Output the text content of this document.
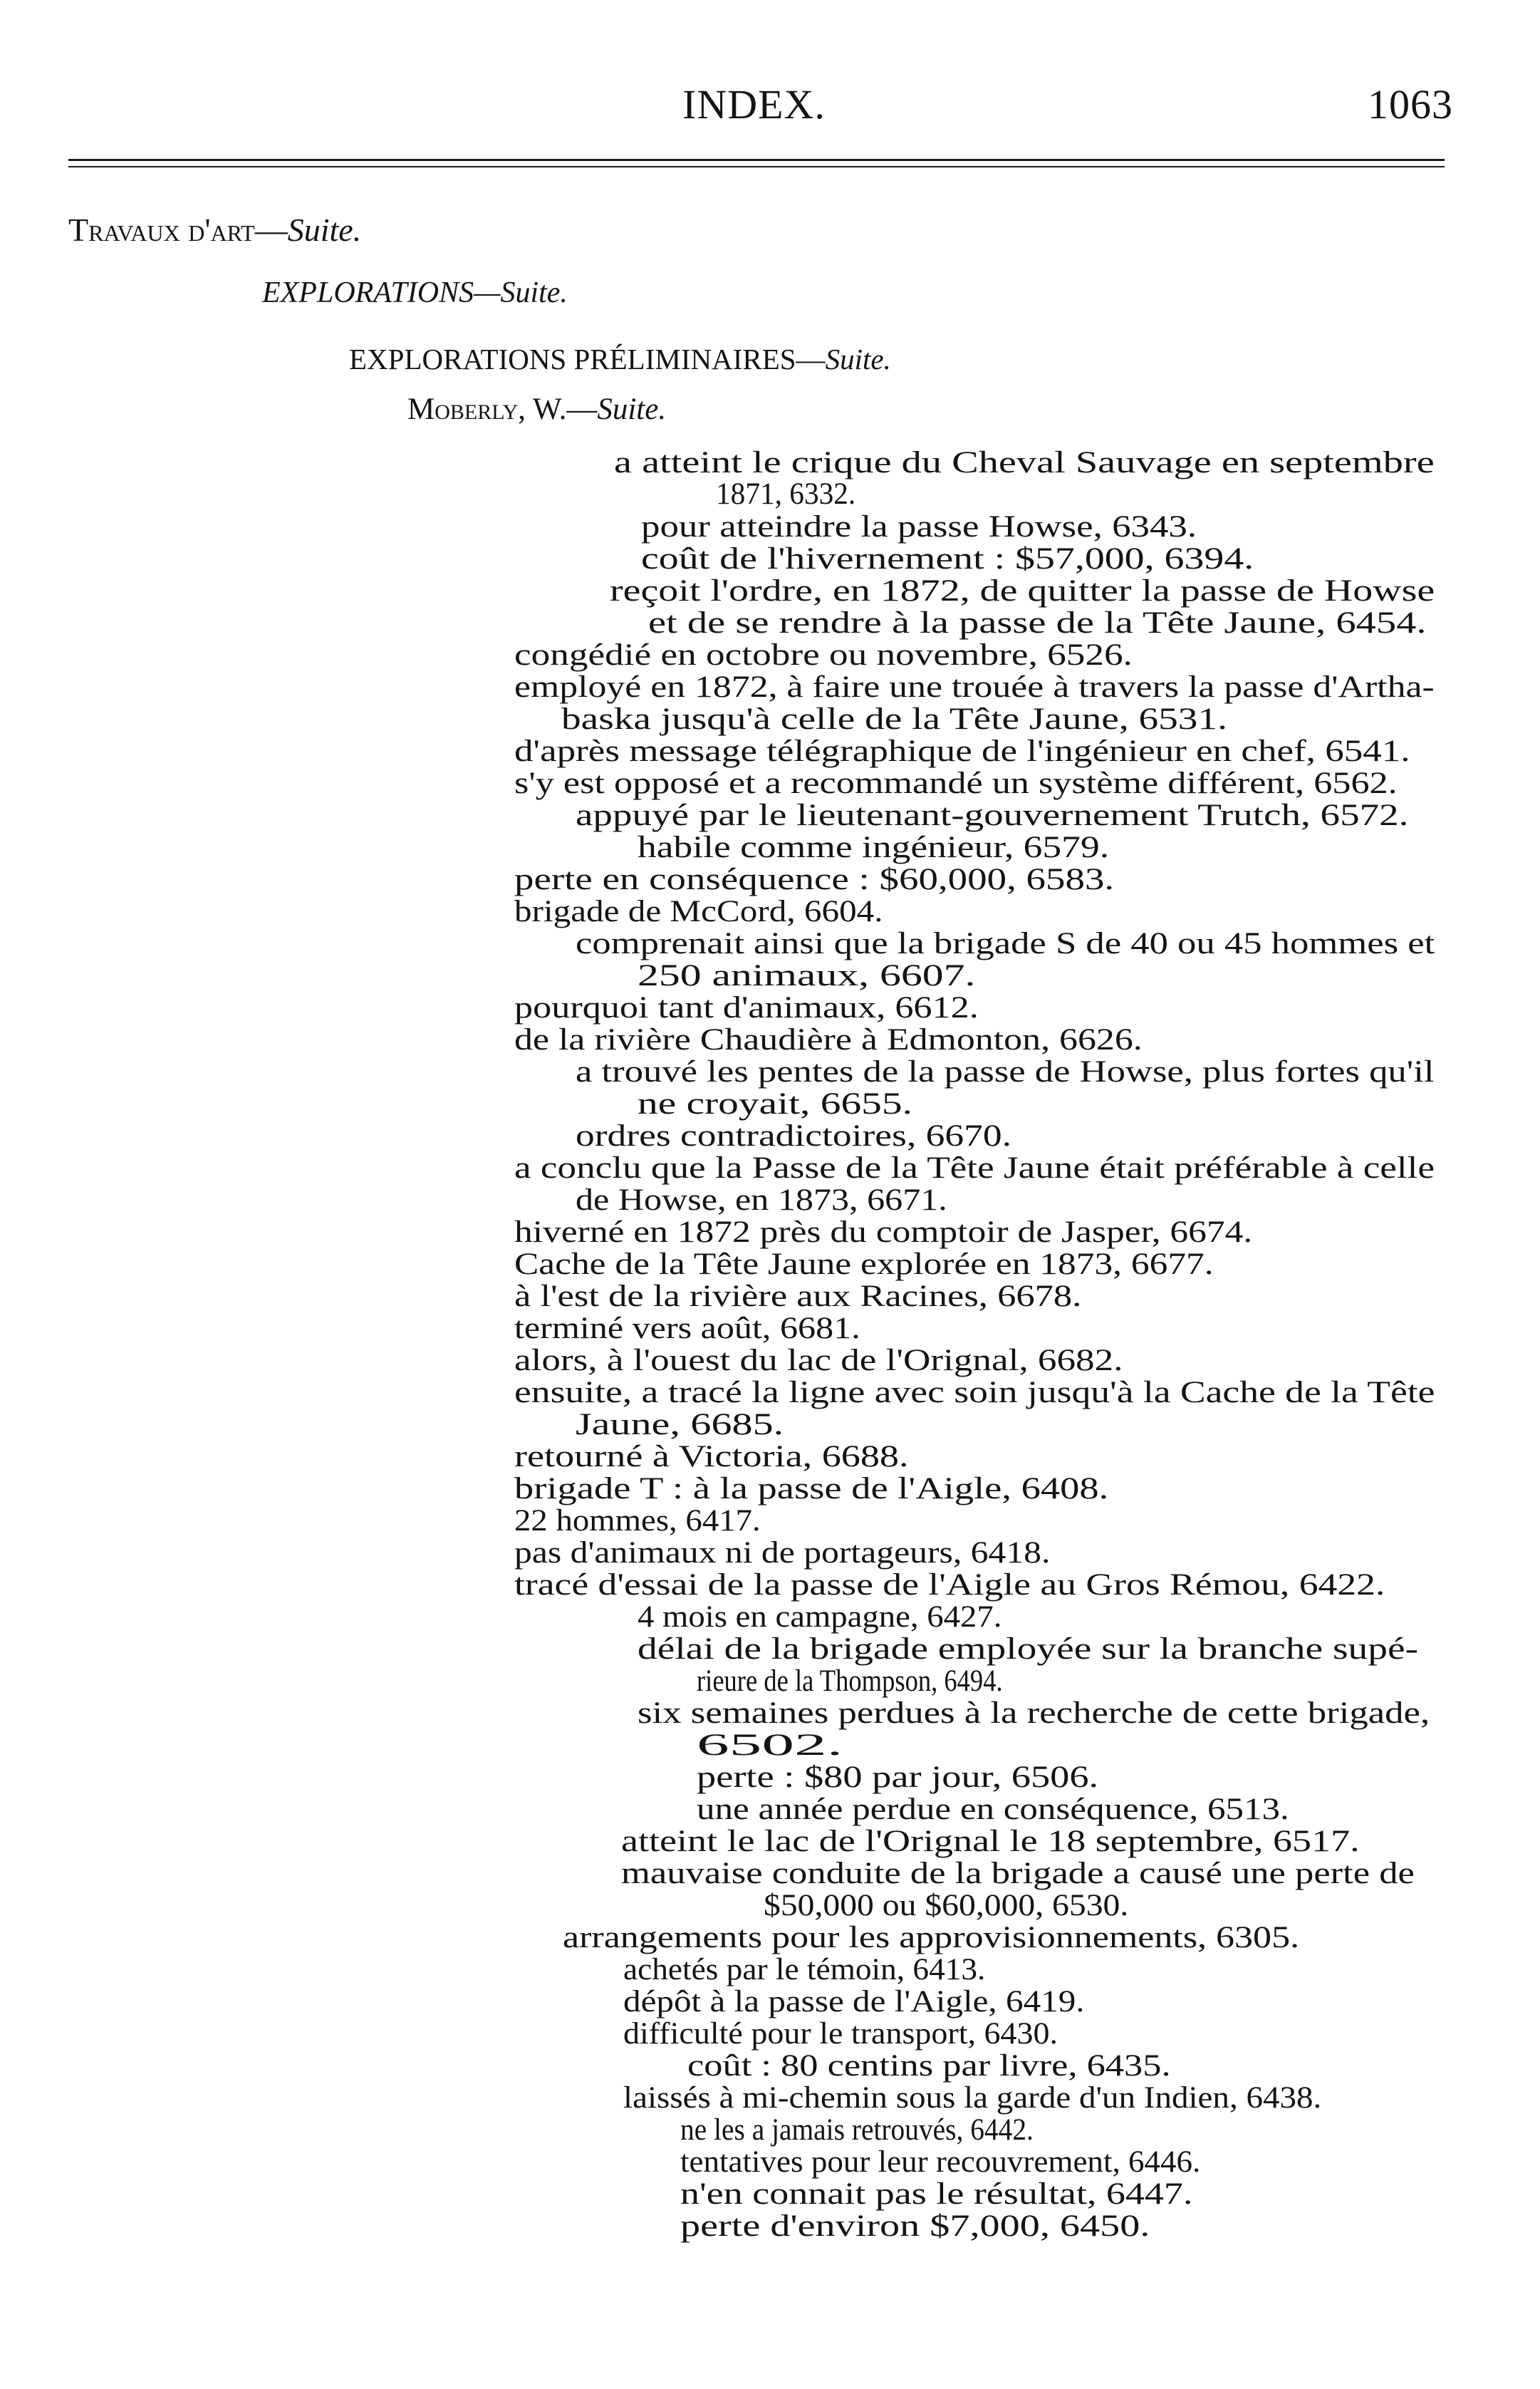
INDEX.	1063
Travaux d'art—Suite.
EXPLORATIONS—Suite.
EXPLORATIONS PRÉLIMINAIRES—Suite.
Moberly, W.—Suite.
a atteint le crique du Cheval Sauvage en septembre
1871, 6332.
pour atteindre la passe Howse, 6343.
coût de l'hivernement : $57,000, 6394.
reçoit l'ordre, en 1872, de quitter la passe de Howse
et de se rendre à la passe de la Tête Jaune, 6454.
congédié en octobre ou novembre, 6526.
employé en 1872, à faire une trouée à travers la passe d'Artha-
baska jusqu'à celle de la Tête Jaune, 6531.
d'après message télégraphique de l'ingénieur en chef, 6541.
s'y est opposé et a recommandé un système différent, 6562.
appuyé par le lieutenant-gouvernement Trutch, 6572.
habile comme ingénieur, 6579.
perte en conséquence : $60,000, 6583.
brigade de McCord, 6604.
comprenait ainsi que la brigade S de 40 ou 45 hommes et
250 animaux, 6607.
pourquoi tant d'animaux, 6612.
de la rivière Chaudière à Edmonton, 6626.
a trouvé les pentes de la passe de Howse, plus fortes qu'il
ne croyait, 6655.
ordres contradictoires, 6670.
a conclu que la Passe de la Tête Jaune était préférable à celle
de Howse, en 1873, 6671.
hiverné en 1872 près du comptoir de Jasper, 6674.
Cache de la Tête Jaune explorée en 1873, 6677.
à l'est de la rivière aux Racines, 6678.
terminé vers août, 6681.
alors, à l'ouest du lac de l'Orignal, 6682.
ensuite, a tracé la ligne avec soin jusqu'à la Cache de la Tête
Jaune, 6685.
retourné à Victoria, 6688.
brigade T : à la passe de l'Aigle, 6408.
22 hommes, 6417.
pas d'animaux ni de portageurs, 6418.
tracé d'essai de la passe de l'Aigle au Gros Rémou, 6422.
4 mois en campagne, 6427.
délai de la brigade employée sur la branche supé-
rieure de la Thompson, 6494.
six semaines perdues à la recherche de cette brigade,
6502.
perte : $80 par jour, 6506.
une année perdue en conséquence, 6513.
atteint le lac de l'Orignal le 18 septembre, 6517.
mauvaise conduite de la brigade a causé une perte de
$50,000 ou $60,000, 6530.
arrangements pour les approvisionnements, 6305.
achetés par le témoin, 6413.
dépôt à la passe de l'Aigle, 6419.
difficulté pour le transport, 6430.
coût : 80 centins par livre, 6435.
laissés à mi-chemin sous la garde d'un Indien, 6438.
ne les a jamais retrouvés, 6442.
tentatives pour leur recouvrement, 6446.
n'en connait pas le résultat, 6447.
perte d'environ $7,000, 6450.
